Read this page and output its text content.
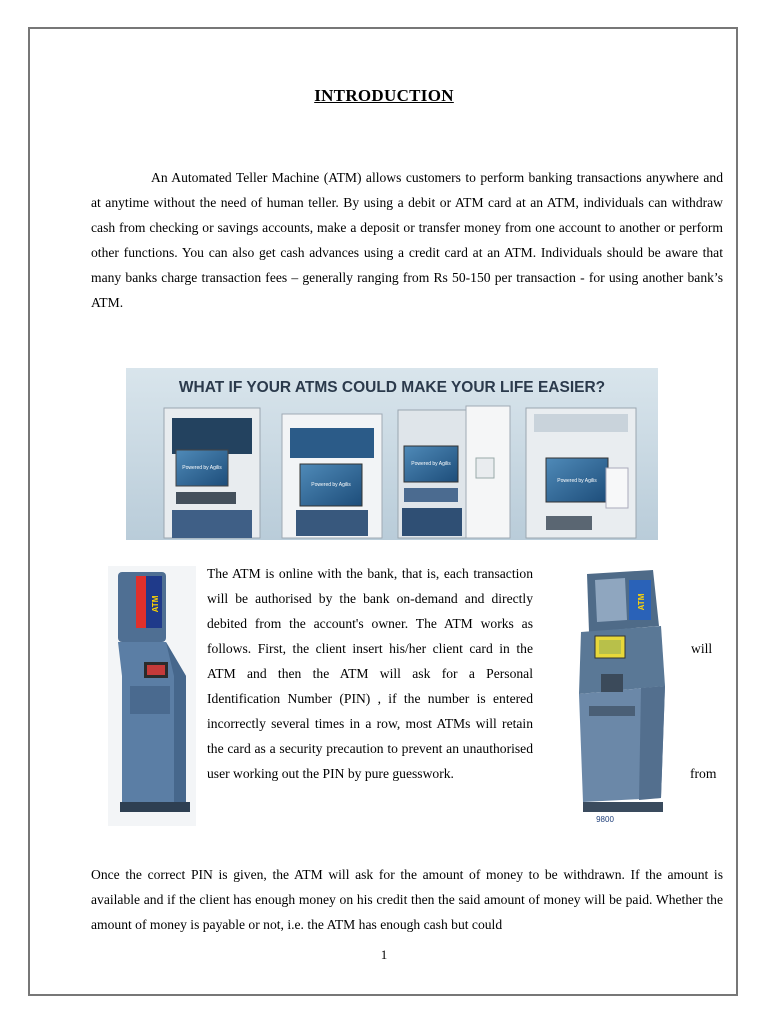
INTRODUCTION

An Automated Teller Machine (ATM) allows customers to perform banking transactions anywhere and at anytime without the need of human teller. By using a debit or ATM card at an ATM, individuals can withdraw cash from checking or savings accounts, make a deposit or transfer money from one account to another or perform other functions. You can also get cash advances using a credit card at an ATM. Individuals should be aware that many banks charge transaction fees – generally ranging from Rs 50-150 per transaction - for using another bank’s ATM.

WHAT IF YOUR ATMS COULD MAKE YOUR LIFE EASIER?
Powered by Agilis
Powered by Agilis
Powered by Agilis
Powered by Agilis
ATM

The ATM is online with the bank, that is, each transaction will be authorised by the bank on-demand and directly debited from the account's owner. The ATM works as follows. First, the client insert his/her client card in the ATM and then the ATM will ask for a Personal Identification Number (PIN) , if the number is entered incorrectly several times in a row, most ATMs will retain the card as a security precaution to prevent an unauthorised user working out the PIN by pure guesswork.

will
from
ATM
9800

Once the correct PIN is given, the ATM will ask for the amount of money to be withdrawn. If the amount is available and if the client has enough money on his credit then the said amount of money will be paid. Whether the amount of money is payable or not, i.e. the ATM has enough cash but could

1
